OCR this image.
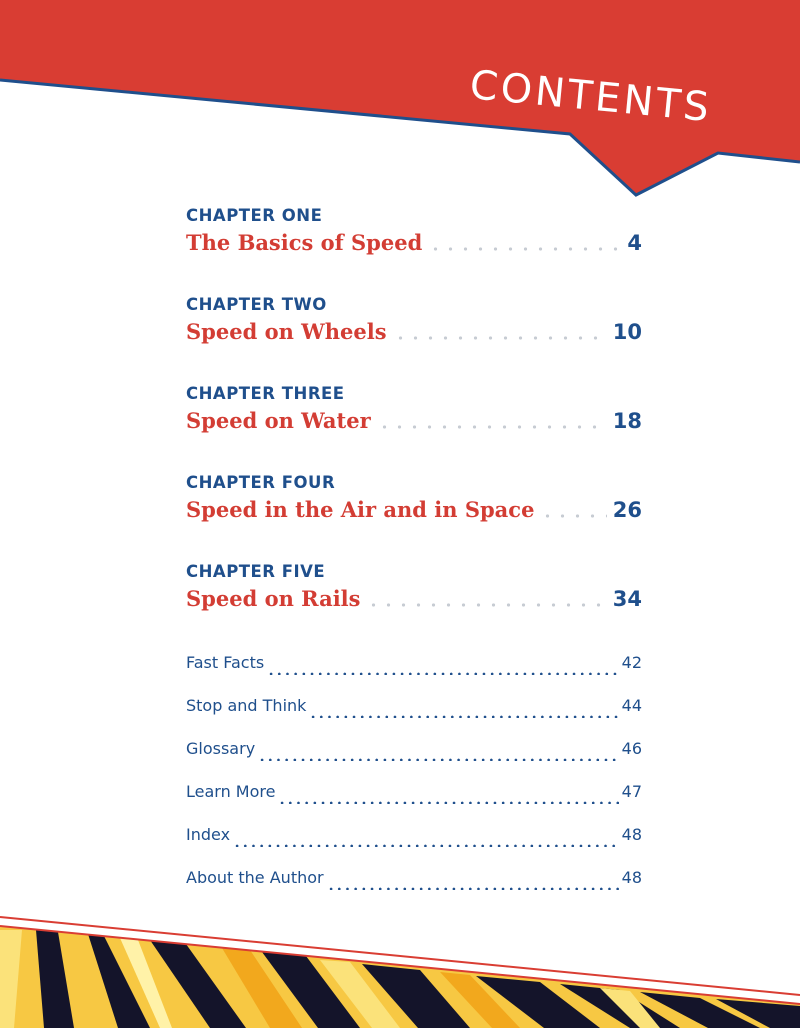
CONTENTS
CHAPTER ONE
The Basics of Speed	4
CHAPTER TWO
Speed on Wheels	10
CHAPTER THREE
Speed on Water	18
CHAPTER FOUR
Speed in the Air and in Space	26
CHAPTER FIVE
Speed on Rails	34
Fast Facts	42
Stop and Think	44
Glossary	46
Learn More	47
Index	48
About the Author	48
